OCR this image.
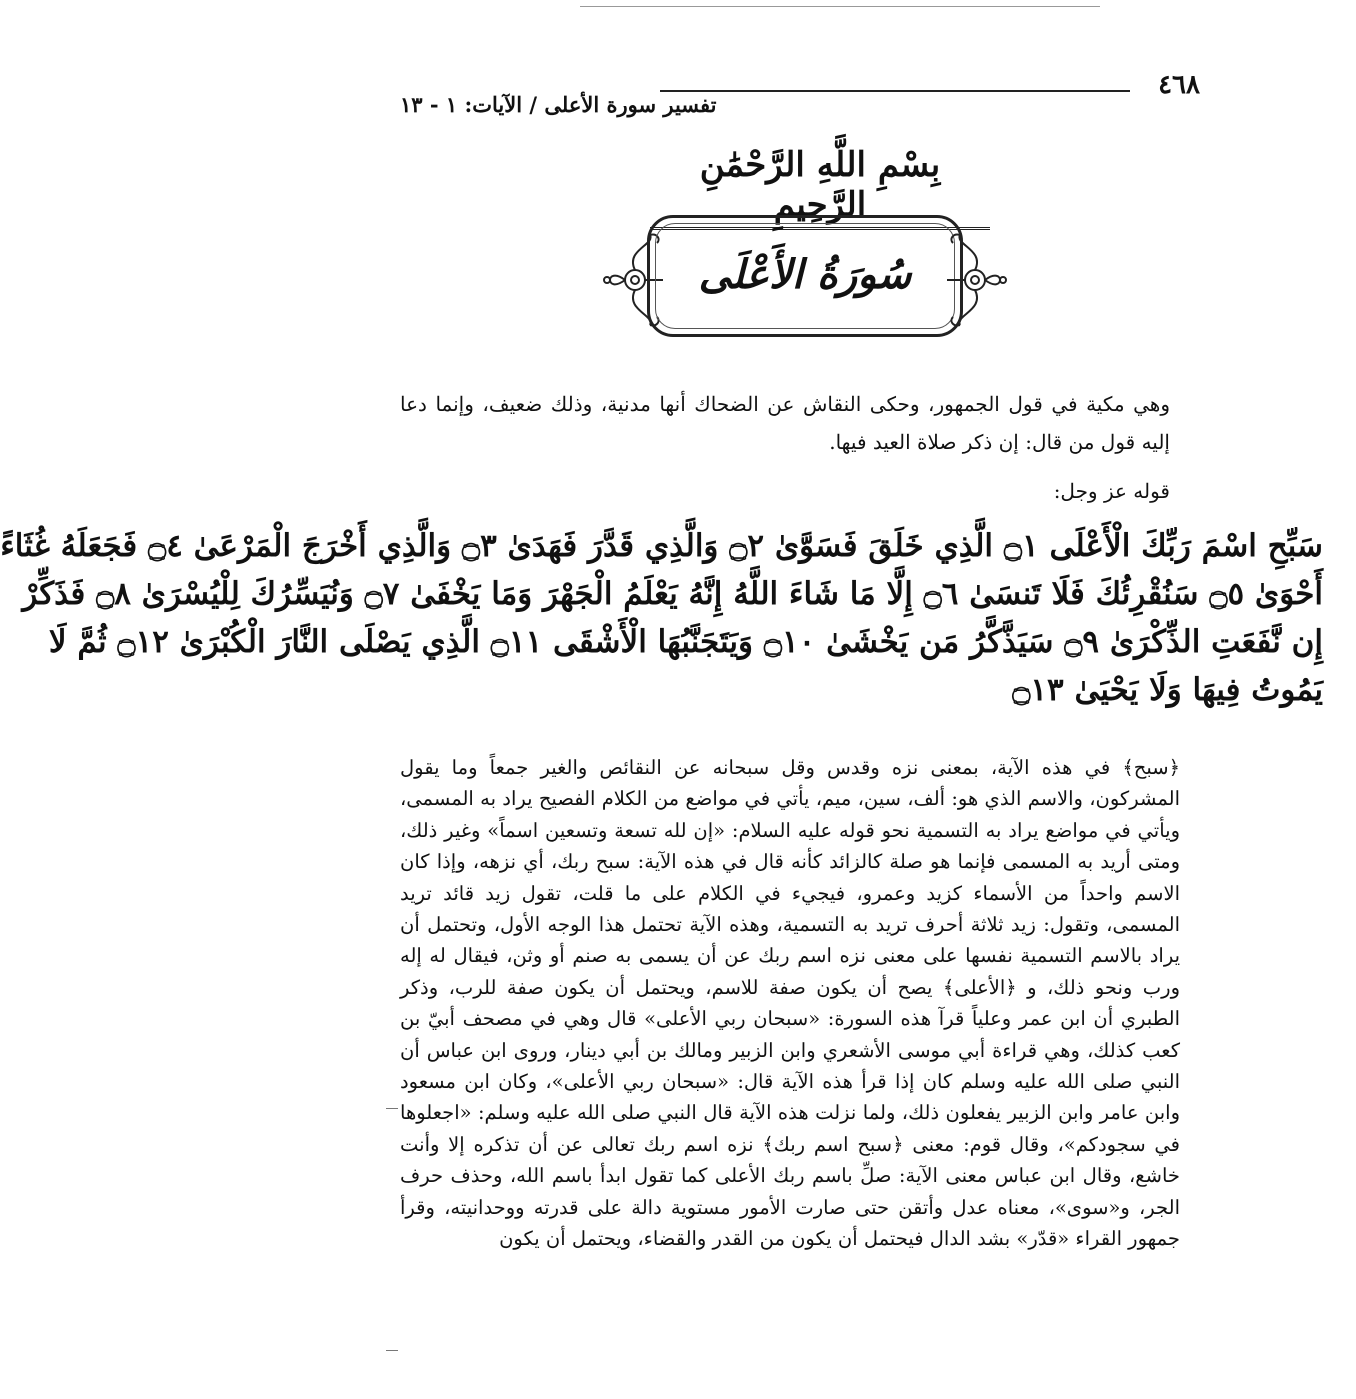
٤٦٨
تفسير سورة الأعلى / الآيات: ١ - ١٣
بِسْمِ اللَّهِ الرَّحْمَٰنِ الرَّحِيمِ
سُورَةُ الأَعْلَى
وهي مكية في قول الجمهور، وحكى النقاش عن الضحاك أنها مدنية، وذلك ضعيف، وإنما دعا إليه قول من قال: إن ذكر صلاة العيد فيها.
قوله عز وجل:
سَبِّحِ اسْمَ رَبِّكَ الْأَعْلَى ۝١ الَّذِي خَلَقَ فَسَوَّىٰ ۝٢ وَالَّذِي قَدَّرَ فَهَدَىٰ ۝٣ وَالَّذِي أَخْرَجَ الْمَرْعَىٰ ۝٤ فَجَعَلَهُ غُثَاءً
أَحْوَىٰ ۝٥ سَنُقْرِئُكَ فَلَا تَنسَىٰ ۝٦ إِلَّا مَا شَاءَ اللَّهُ إِنَّهُ يَعْلَمُ الْجَهْرَ وَمَا يَخْفَىٰ ۝٧ وَنُيَسِّرُكَ لِلْيُسْرَىٰ ۝٨ فَذَكِّرْ
إِن نَّفَعَتِ الذِّكْرَىٰ ۝٩ سَيَذَّكَّرُ مَن يَخْشَىٰ ۝١٠ وَيَتَجَنَّبُهَا الْأَشْقَى ۝١١ الَّذِي يَصْلَى النَّارَ الْكُبْرَىٰ ۝١٢ ثُمَّ لَا
يَمُوتُ فِيهَا وَلَا يَحْيَىٰ ۝١٣

﴿سبح﴾ في هذه الآية، بمعنى نزه وقدس وقل سبحانه عن النقائص والغير جمعاً وما يقول المشركون، والاسم الذي هو: ألف، سين، ميم، يأتي في مواضع من الكلام الفصيح يراد به المسمى، ويأتي في مواضع يراد به التسمية نحو قوله عليه السلام: «إن لله تسعة وتسعين اسماً» وغير ذلك، ومتى أريد به المسمى فإنما هو صلة كالزائد كأنه قال في هذه الآية: سبح ربك، أي نزهه، وإذا كان الاسم واحداً من الأسماء كزيد وعمرو، فيجيء في الكلام على ما قلت، تقول زيد قائد تريد المسمى، وتقول: زيد ثلاثة أحرف تريد به التسمية، وهذه الآية تحتمل هذا الوجه الأول، وتحتمل أن يراد بالاسم التسمية نفسها على معنى نزه اسم ربك عن أن يسمى به صنم أو وثن، فيقال له إله ورب ونحو ذلك، و ﴿الأعلى﴾ يصح أن يكون صفة للاسم، ويحتمل أن يكون صفة للرب، وذكر الطبري أن ابن عمر وعلياً قرآ هذه السورة: «سبحان ربي الأعلى» قال وهي في مصحف أبيّ بن كعب كذلك، وهي قراءة أبي موسى الأشعري وابن الزبير ومالك بن أبي دينار، وروى ابن عباس أن النبي صلى الله عليه وسلم كان إذا قرأ هذه الآية قال: «سبحان ربي الأعلى»، وكان ابن مسعود وابن عامر وابن الزبير يفعلون ذلك، ولما نزلت هذه الآية قال النبي صلى الله عليه وسلم: «اجعلوها في سجودكم»، وقال قوم: معنى ﴿سبح اسم ربك﴾ نزه اسم ربك تعالى عن أن تذكره إلا وأنت خاشع، وقال ابن عباس معنى الآية: صلِّ باسم ربك الأعلى كما تقول ابدأ باسم الله، وحذف حرف الجر، و«سوى»، معناه عدل وأتقن حتى صارت الأمور مستوية دالة على قدرته ووحدانيته، وقرأ جمهور القراء «قدّر» بشد الدال فيحتمل أن يكون من القدر والقضاء، ويحتمل أن يكون
